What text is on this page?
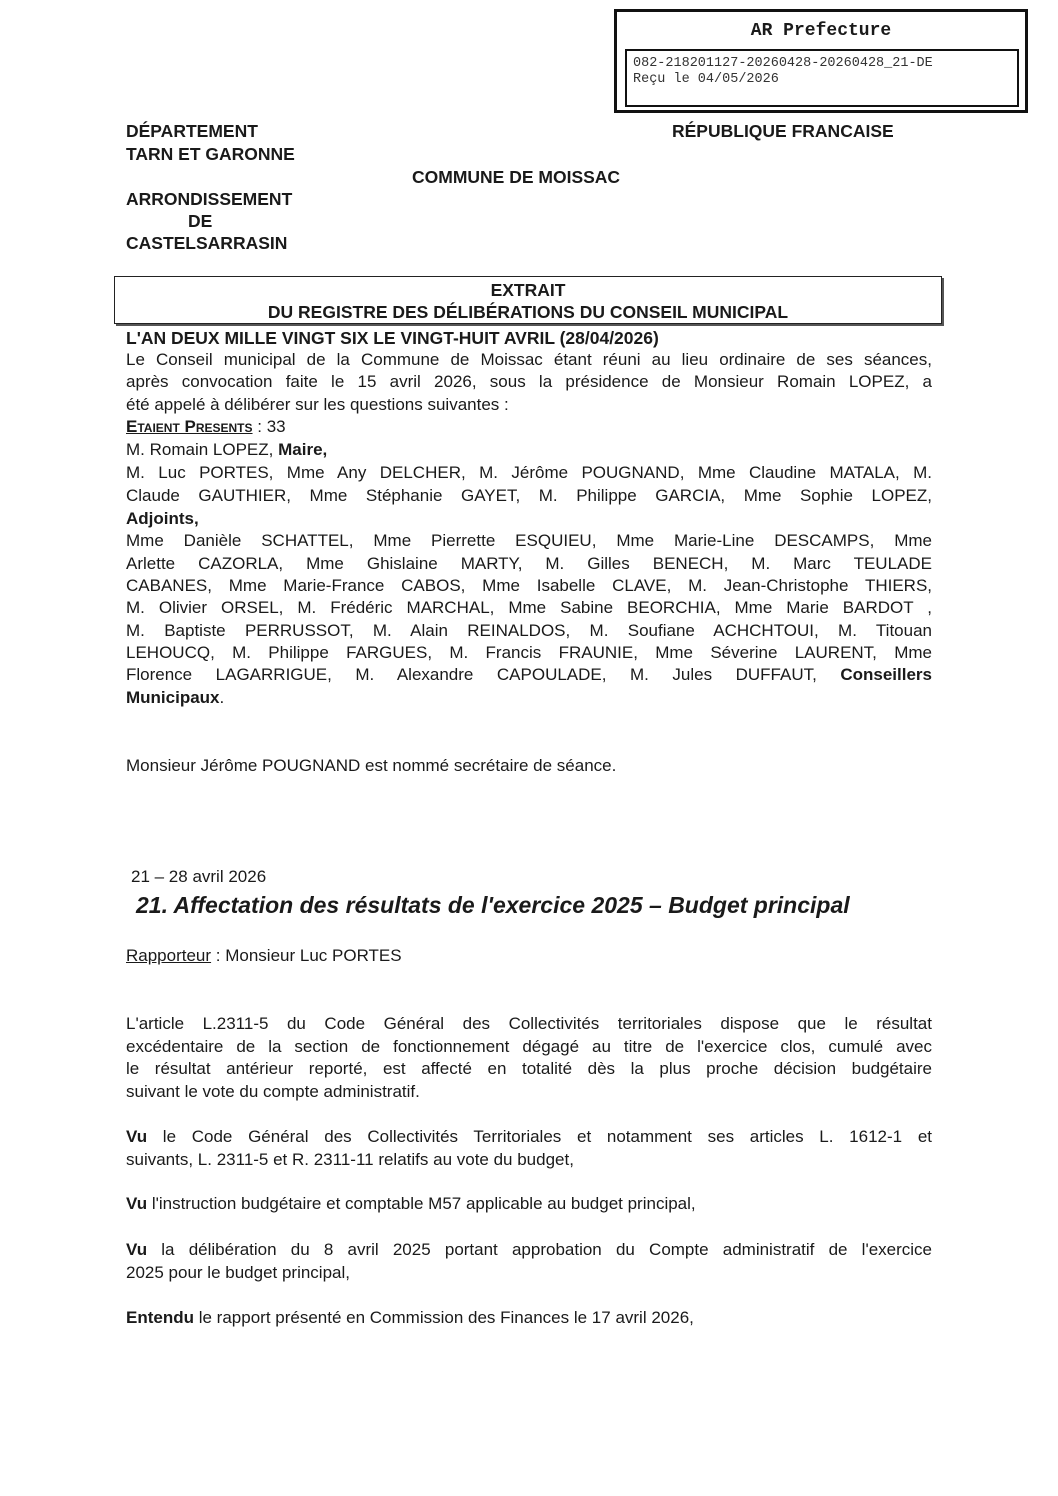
AR Prefecture
082-218201127-20260428-20260428_21-DE
Reçu le 04/05/2026
DÉPARTEMENT
TARN ET GARONNE
RÉPUBLIQUE FRANCAISE
COMMUNE DE MOISSAC
ARRONDISSEMENT
DE
CASTELSARRASIN
EXTRAIT
DU REGISTRE DES DÉLIBÉRATIONS DU CONSEIL MUNICIPAL
L'AN DEUX MILLE VINGT SIX LE VINGT-HUIT AVRIL (28/04/2026)
Le Conseil municipal de la Commune de Moissac étant réuni au lieu ordinaire de ses séances,
après convocation faite le 15 avril 2026, sous la présidence de Monsieur Romain LOPEZ, a
été appelé à délibérer sur les questions suivantes :
Etaient Presents : 33
M. Romain LOPEZ, Maire,
M. Luc PORTES, Mme Any DELCHER, M. Jérôme POUGNAND, Mme Claudine MATALA, M.
Claude GAUTHIER, Mme Stéphanie GAYET, M. Philippe GARCIA, Mme Sophie LOPEZ,
Adjoints,
Mme Danièle SCHATTEL, Mme Pierrette ESQUIEU, Mme Marie-Line DESCAMPS, Mme
Arlette CAZORLA, Mme Ghislaine MARTY, M. Gilles BENECH, M. Marc TEULADE
CABANES, Mme Marie-France CABOS, Mme Isabelle CLAVE, M. Jean-Christophe THIERS,
M. Olivier ORSEL, M. Frédéric MARCHAL, Mme Sabine BEORCHIA, Mme Marie BARDOT ,
M. Baptiste PERRUSSOT, M. Alain REINALDOS, M. Soufiane ACHCHTOUI, M. Titouan
LEHOUCQ, M. Philippe FARGUES, M. Francis FRAUNIE, Mme Séverine LAURENT, Mme
Florence LAGARRIGUE, M. Alexandre CAPOULADE, M. Jules DUFFAUT, Conseillers
Municipaux.
Monsieur Jérôme POUGNAND est nommé secrétaire de séance.
21 – 28 avril 2026
21. Affectation des résultats de l'exercice 2025 – Budget principal
Rapporteur : Monsieur Luc PORTES
L'article L.2311-5 du Code Général des Collectivités territoriales dispose que le résultat
excédentaire de la section de fonctionnement dégagé au titre de l'exercice clos, cumulé avec
le résultat antérieur reporté, est affecté en totalité dès la plus proche décision budgétaire
suivant le vote du compte administratif.
Vu le Code Général des Collectivités Territoriales et notamment ses articles L. 1612-1 et
suivants, L. 2311-5 et R. 2311-11 relatifs au vote du budget,
Vu l'instruction budgétaire et comptable M57 applicable au budget principal,
Vu la délibération du 8 avril 2025 portant approbation du Compte administratif de l'exercice
2025 pour le budget principal,
Entendu le rapport présenté en Commission des Finances le 17 avril 2026,
